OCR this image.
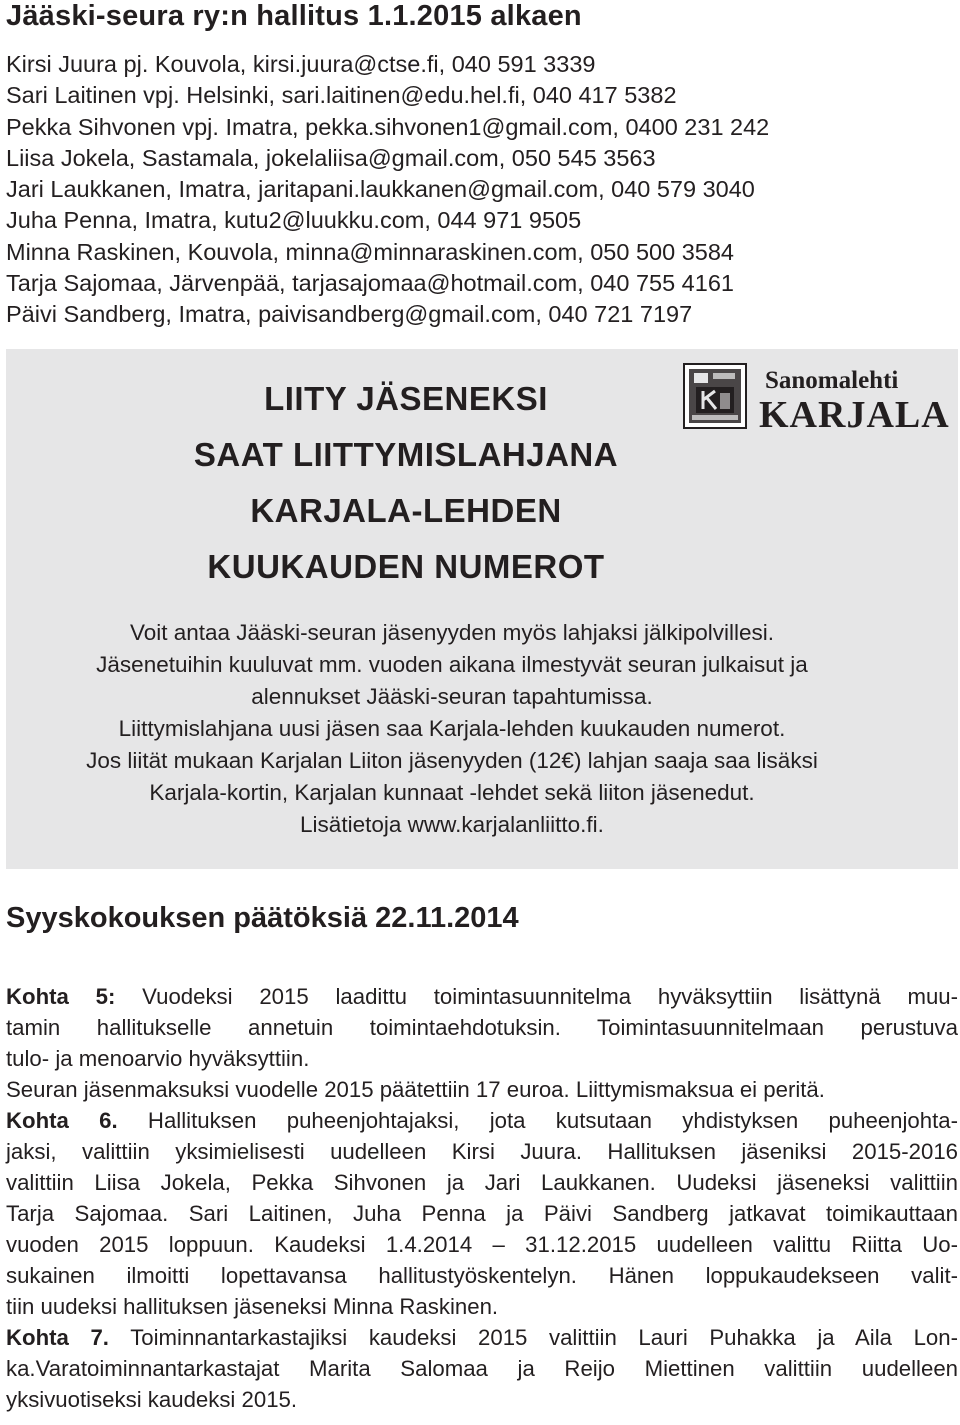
Jääski-seura ry:n hallitus 1.1.2015 alkaen
Kirsi Juura pj. Kouvola, kirsi.juura@ctse.fi, 040 591 3339
Sari Laitinen vpj. Helsinki, sari.laitinen@edu.hel.fi, 040 417 5382
Pekka Sihvonen vpj. Imatra, pekka.sihvonen1@gmail.com, 0400 231 242
Liisa Jokela, Sastamala, jokelaliisa@gmail.com, 050 545 3563
Jari Laukkanen, Imatra, jaritapani.laukkanen@gmail.com, 040 579 3040
Juha Penna, Imatra, kutu2@luukku.com, 044 971 9505
Minna Raskinen, Kouvola, minna@minnaraskinen.com, 050 500 3584
Tarja Sajomaa, Järvenpää, tarjasajomaa@hotmail.com, 040 755 4161
Päivi Sandberg, Imatra, paivisandberg@gmail.com, 040 721 7197
LIITY JÄSENEKSI
SAAT LIITTYMISLAHJANA
KARJALA-LEHDEN
KUUKAUDEN NUMEROT
Sanomalehti
KARJALA
Voit antaa Jääski-seuran jäsenyyden myös lahjaksi jälkipolvillesi.
Jäsenetuihin kuuluvat mm. vuoden aikana ilmestyvät seuran julkaisut ja
alennukset Jääski-seuran tapahtumissa.
Liittymislahjana uusi jäsen saa Karjala-lehden kuukauden numerot.
Jos liität mukaan Karjalan Liiton jäsenyyden (12€) lahjan saaja saa lisäksi
Karjala-kortin, Karjalan kunnaat -lehdet sekä liiton jäsenedut.
Lisätietoja www.karjalanliitto.fi.
Syyskokouksen päätöksiä 22.11.2014
Kohta 5: Vuodeksi 2015 laadittu toimintasuunnitelma hyväksyttiin lisättynä muu-
tamin hallitukselle annetuin toimintaehdotuksin. Toimintasuunnitelmaan perustuva
tulo- ja menoarvio hyväksyttiin.
Seuran jäsenmaksuksi vuodelle 2015 päätettiin 17 euroa. Liittymismaksua ei peritä.
Kohta 6. Hallituksen puheenjohtajaksi, jota kutsutaan yhdistyksen puheenjohta-
jaksi, valittiin yksimielisesti uudelleen Kirsi Juura. Hallituksen jäseniksi 2015-2016
valittiin Liisa Jokela, Pekka Sihvonen ja Jari Laukkanen. Uudeksi jäseneksi valittiin
Tarja Sajomaa. Sari Laitinen, Juha Penna ja Päivi Sandberg jatkavat toimikauttaan
vuoden 2015 loppuun. Kaudeksi 1.4.2014 – 31.12.2015 uudelleen valittu Riitta Uo-
sukainen ilmoitti lopettavansa hallitustyöskentelyn. Hänen loppukaudekseen valit-
tiin uudeksi hallituksen jäseneksi Minna Raskinen.
Kohta 7. Toiminnantarkastajiksi kaudeksi 2015 valittiin Lauri Puhakka ja Aila Lon-
ka.Varatoiminnantarkastajat Marita Salomaa ja Reijo Miettinen valittiin uudelleen
yksivuotiseksi kaudeksi 2015.
